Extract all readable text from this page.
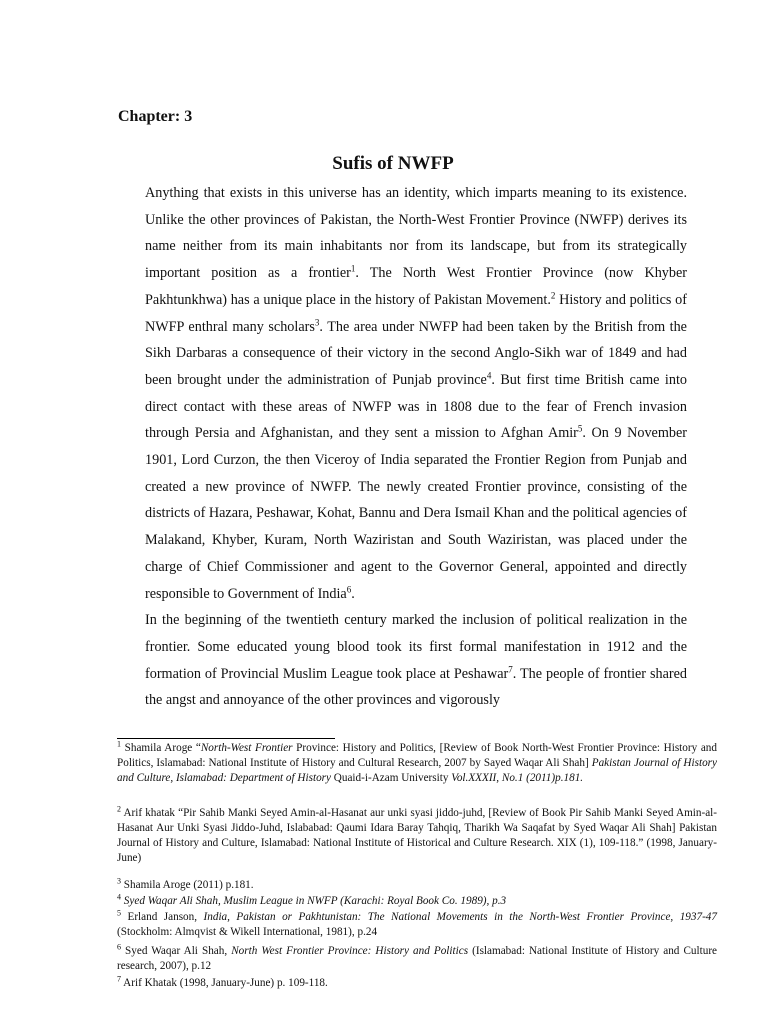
Chapter: 3
Sufis of NWFP

Anything that exists in this universe has an identity, which imparts meaning to its existence. Unlike the other provinces of Pakistan, the North-West Frontier Province (NWFP) derives its name neither from its main inhabitants nor from its landscape, but from its strategically important position as a frontier$^1$. The North West Frontier Province (now Khyber Pakhtunkhwa) has a unique place in the history of Pakistan Movement.$^2$ History and politics of NWFP enthral many scholars$^3$. The area under NWFP had been taken by the British from the Sikh Darbaras a consequence of their victory in the second Anglo-Sikh war of 1849 and had been brought under the administration of Punjab province$^4$. But first time British came into direct contact with these areas of NWFP was in 1808 due to the fear of French invasion through Persia and Afghanistan, and they sent a mission to Afghan Amir$^5$. On 9 November 1901, Lord Curzon, the then Viceroy of India separated the Frontier Region from Punjab and created a new province of NWFP. The newly created Frontier province, consisting of the districts of Hazara, Peshawar, Kohat, Bannu and Dera Ismail Khan and the political agencies of Malakand, Khyber, Kuram, North Waziristan and South Waziristan, was placed under the charge of Chief Commissioner and agent to the Governor General, appointed and directly responsible to Government of India$^6$.

In the beginning of the twentieth century marked the inclusion of political realization in the frontier. Some educated young blood took its first formal manifestation in 1912 and the formation of Provincial Muslim League took place at Peshawar$^7$. The people of frontier shared the angst and annoyance of the other provinces and vigorously

$^1$ Shamila Aroge “North-West Frontier Province: History and Politics, [Review of Book North-West Frontier Province: History and Politics, Islamabad: National Institute of History and Cultural Research, 2007 by Sayed Waqar Ali Shah] Pakistan Journal of History and Culture, Islamabad: Department of History Quaid-i-Azam University Vol.XXXII, No.1 (2011)p.181.
$^2$ Arif khatak “Pir Sahib Manki Seyed Amin-al-Hasanat aur unki syasi jiddo-juhd, [Review of Book Pir Sahib Manki Seyed Amin-al-Hasanat Aur Unki Syasi Jiddo-Juhd, Islababad: Qaumi Idara Baray Tahqiq, Tharikh Wa Saqafat by Syed Waqar Ali Shah] Pakistan Journal of History and Culture, Islamabad: National Institute of Historical and Culture Research. XIX (1), 109-118.” (1998, January-June)
$^3$ Shamila Aroge (2011) p.181.
$^4$ Syed Waqar Ali Shah, Muslim League in NWFP (Karachi: Royal Book Co. 1989), p.3
$^5$ Erland Janson, India, Pakistan or Pakhtunistan: The National Movements in the North-West Frontier Province, 1937-47 (Stockholm: Almqvist & Wikell International, 1981), p.24
$^6$ Syed Waqar Ali Shah, North West Frontier Province: History and Politics (Islamabad: National Institute of History and Culture research, 2007), p.12
$^7$ Arif Khatak (1998, January-June) p. 109-118.
